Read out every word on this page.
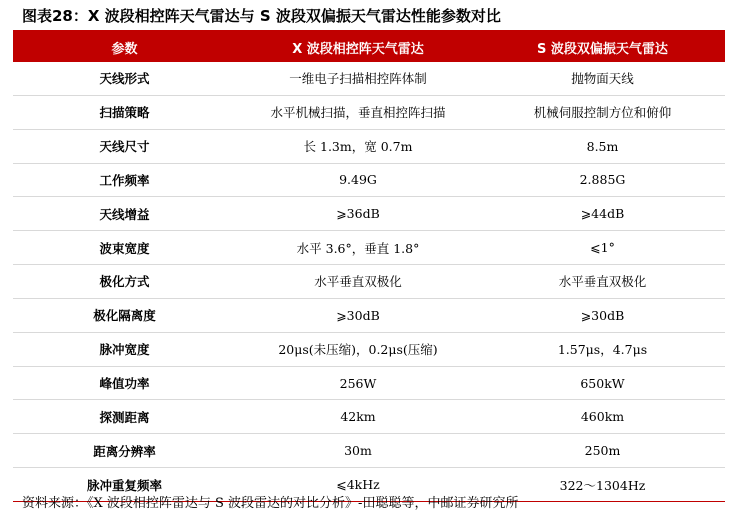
图表28：X 波段相控阵天气雷达与 S 波段双偏振天气雷达性能参数对比
参数	X 波段相控阵天气雷达	S 波段双偏振天气雷达
天线形式	一维电子扫描相控阵体制	抛物面天线
扫描策略	水平机械扫描，垂直相控阵扫描	机械伺服控制方位和俯仰
天线尺寸	长 1.3m，宽 0.7m	8.5m
工作频率	9.49G	2.885G
天线增益	⩾36dB	⩾44dB
波束宽度	水平 3.6°，垂直 1.8°	⩽1°
极化方式	水平垂直双极化	水平垂直双极化
极化隔离度	⩾30dB	⩾30dB
脉冲宽度	20μs(未压缩)，0.2μs(压缩)	1.57μs，4.7μs
峰值功率	256W	650kW
探测距离	42km	460km
距离分辨率	30m	250m
脉冲重复频率	⩽4kHz	322～1304Hz
资料来源：《X 波段相控阵雷达与 S 波段雷达的对比分析》-田聪聪等，中邮证券研究所
